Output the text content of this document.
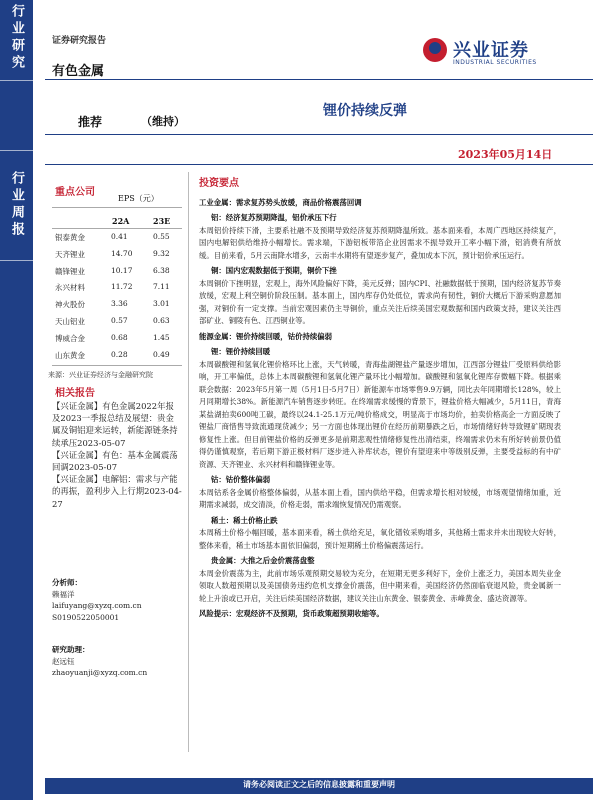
行业研究
行业周报
证券研究报告
有色金属
兴业证券
INDUSTRIAL SECURITIES
锂价持续反弹
推荐	（维持）
2023年05月14日
重点公司
EPS（元）
22A	23E
银泰黄金	0.41	0.55
天齐锂业	14.70	9.32
赣锋锂业	10.17	6.38
永兴材料	11.72	7.11
神火股份	3.36	3.01
天山铝业	0.57	0.63
博威合金	0.68	1.45
山东黄金	0.28	0.49
来源：兴业证券经济与金融研究院
相关报告

【兴证金属】有色金属2022年报及2023一季报总结及展望：贵金属及铜铝迎来运转，新能源链条持续承压2023-05-07

【兴证金属】有色：基本金属震荡回调2023-05-07

【兴证金属】电解铝：需求与产能的再振，盈利步入上行期2023-04-27

分析师：
赖福洋
laifuyang@xyzq.com.cn
S0190522050001
研究助理：
赵远钰
zhaoyuanji@xyzq.com.cn
投资要点

工业金属：需求复苏势头放缓，商品价格震荡回调

铝：经济复苏预期降温，铝价承压下行

本周铝价持续下滑，主要系社融不及预期导致经济复苏预期降温所致。基本面来看，本周广西地区持续复产，国内电解铝供给维持小幅增长。需求端，下游铝板带箔企业因需求不振导致开工率小幅下滑，铝消费有所放缓。目前来看，5月云南降水增多，云南丰水期将有望逐步复产，叠加成本下沉，预计铝价承压运行。

铜：国内宏观数据低于预期，铜价下挫

本周铜价下挫明显，宏观上，海外风险偏好下降，美元反弹；国内CPI、社融数据低于预期，国内经济复苏节奏放缓，宏观上利空铜价阶段压制。基本面上，国内库存仍处低位，需求尚有韧性，铜价大概后下游采购意愿加强，对铜价有一定支撑。当前宏观因素仍主导铜价，重点关注后续美国宏观数据和国内政策支持，建议关注西部矿业、铜陵有色、江西铜业等。

能源金属：锂价持续回暖，钴价持续偏弱

锂：锂价持续回暖

本周碳酸锂和氢氧化锂价格环比上涨，天气转暖，青海盐湖锂盐产量逐步增加，江西部分锂盐厂受原料供给影响，开工率偏低，总体上本周碳酸锂和氢氧化锂产量环比小幅增加。碳酸锂和氢氧化锂库存微幅下降。根据乘联会数据：2023年5月第一周（5月1日-5月7日）新能源车市场零售9.9万辆，同比去年同期增长128%，较上月同期增长38%。新能源汽车销售逐步转旺。在终端需求缓慢的背景下，锂盐价格大幅减少，5月11日，青海某盐湖拍卖600吨工碳，最终以24.1-25.1万元/吨价格成交，明显高于市场均价，拍卖价格高企一方面反映了锂盐厂商惜售导致流通现货减少；另一方面也体现出锂价在经历前期暴跌之后，市场情绪好转导致锂矿期现表修复性上涨。但目前锂盐价格的反弹更多是前期悲观性情绪修复性出清结束，终端需求仍未有所好转前景仍值得仍谨慎观察，若后期下游正极材料厂逐步进入补库状态，锂价有望迎来中等级别反弹，主要受益标的有中矿资源、天齐锂业、永兴材料和赣锋锂业等。

钴：钴价整体偏弱

本周钴系各金属价格整体偏弱，从基本面上看，国内供给平稳，但需求增长相对较缓，市场观望情绪加重，近期需求减弱，成交清淡，价格走弱，需求端恢复情况仍需观察。

稀土：稀土价格止跌

本周稀土价格小幅回暖，基本面来看，稀土供给充足，氧化镨钕采购增多，其他稀土需求并未出现较大好转，整体来看，稀土市场基本面依旧偏弱，预计短期稀土价格偏震荡运行。

贵金属：大推之后金价震荡盘整

本周金价震荡为主，此前市场乐观预期交易较为充分，在短期无更多利好下，金价上涨乏力，美国本周失业金领取人数超预期以及美国债务违约危机支撑金价震荡，但中期来看，美国经济仍然面临衰退风险，贵金属新一轮上升浪或已开启，关注后续美国经济数据，建议关注山东黄金、银泰黄金、赤峰黄金、盛达资源等。

风险提示：宏观经济不及预期，货币政策超预期收缩等。

请务必阅读正文之后的信息披露和重要声明
